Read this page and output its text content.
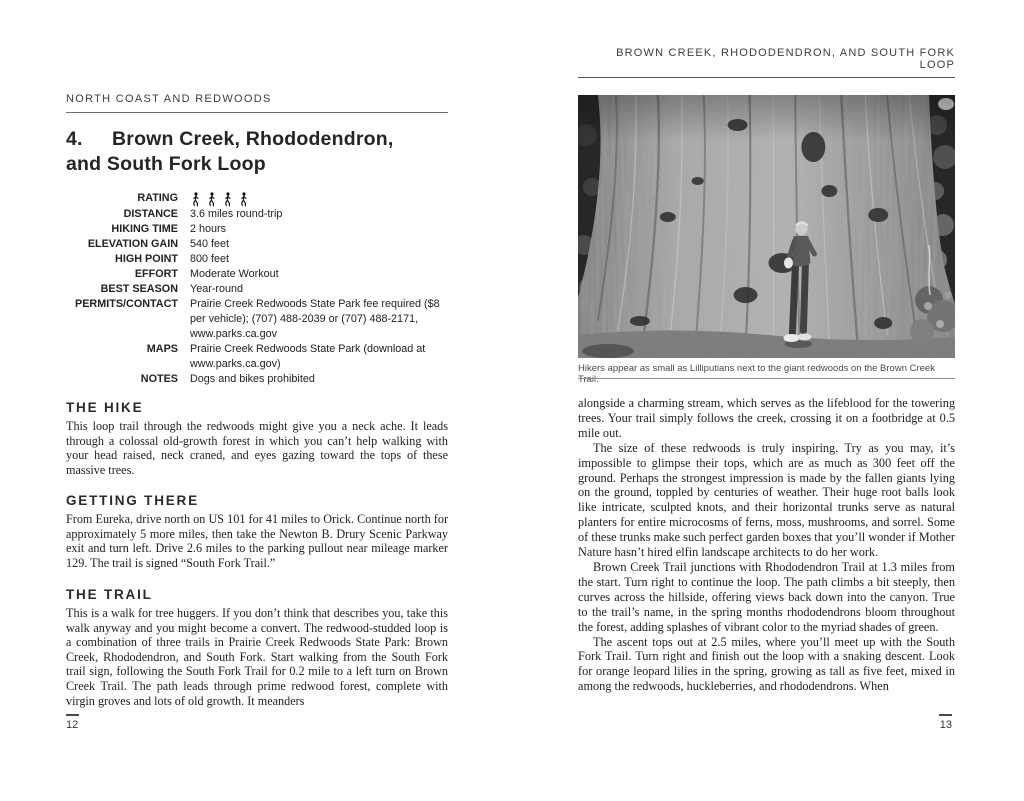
NORTH COAST AND REDWOODS
4. Brown Creek, Rhododendron,
and South Fork Loop
RATING
DISTANCE 3.6 miles round-trip
HIKING TIME 2 hours
ELEVATION GAIN 540 feet
HIGH POINT 800 feet
EFFORT Moderate Workout
BEST SEASON Year-round
PERMITS/CONTACT Prairie Creek Redwoods State Park fee required ($8 per vehicle); (707) 488-2039 or (707) 488-2171, www.parks.ca.gov
MAPS Prairie Creek Redwoods State Park (download at www.parks.ca.gov)
NOTES Dogs and bikes prohibited
THE HIKE

This loop trail through the redwoods might give you a neck ache. It leads through a colossal old-growth forest in which you can’t help walking with your head raised, neck craned, and eyes gazing toward the tops of these massive trees.

GETTING THERE

From Eureka, drive north on US 101 for 41 miles to Orick. Continue north for approximately 5 more miles, then take the Newton B. Drury Scenic Parkway exit and turn left. Drive 2.6 miles to the parking pullout near mileage marker 129. The trail is signed “South Fork Trail.”

THE TRAIL

This is a walk for tree huggers. If you don’t think that describes you, take this walk anyway and you might become a convert. The redwood-studded loop is a combination of three trails in Prairie Creek Redwoods State Park: Brown Creek, Rhododendron, and South Fork. Start walking from the South Fork trail sign, following the South Fork Trail for 0.2 mile to a left turn on Brown Creek Trail. The path leads through prime redwood forest, complete with virgin groves and lots of old growth. It meanders

12
BROWN CREEK, RHODODENDRON, AND SOUTH FORK LOOP
Hikers appear as small as Lilliputians next to the giant redwoods on the Brown Creek Trail.

alongside a charming stream, which serves as the lifeblood for the towering trees. Your trail simply follows the creek, crossing it on a footbridge at 0.5 mile out.

The size of these redwoods is truly inspiring. Try as you may, it’s impossible to glimpse their tops, which are as much as 300 feet off the ground. Perhaps the strongest impression is made by the fallen giants lying on the ground, toppled by centuries of weather. Their huge root balls look like intricate, sculpted knots, and their horizontal trunks serve as natural planters for entire microcosms of ferns, moss, mushrooms, and sorrel. Some of these trunks make such perfect garden boxes that you’ll wonder if Mother Nature hasn’t hired elfin landscape architects to do her work.

Brown Creek Trail junctions with Rhododendron Trail at 1.3 miles from the start. Turn right to continue the loop. The path climbs a bit steeply, then curves across the hillside, offering views back down into the canyon. True to the trail’s name, in the spring months rhododendrons bloom throughout the forest, adding splashes of vibrant color to the myriad shades of green.

The ascent tops out at 2.5 miles, where you’ll meet up with the South Fork Trail. Turn right and finish out the loop with a snaking descent. Look for orange leopard lilies in the spring, growing as tall as five feet, mixed in among the redwoods, huckleberries, and rhododendrons. When

13
